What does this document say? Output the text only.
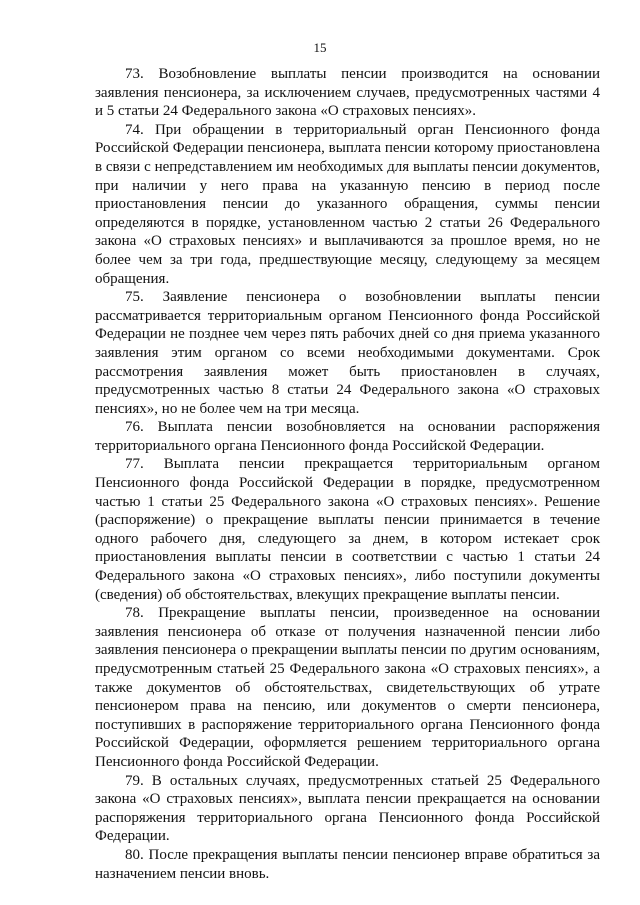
15

73. Возобновление выплаты пенсии производится на основании заявления пенсионера, за исключением случаев, предусмотренных частями 4 и 5 статьи 24 Федерального закона «О страховых пенсиях».

74. При обращении в территориальный орган Пенсионного фонда Российской Федерации пенсионера, выплата пенсии которому приостановлена в связи с непредставлением им необходимых для выплаты пенсии документов, при наличии у него права на указанную пенсию в период после приостановления пенсии до указанного обращения, суммы пенсии определяются в порядке, установленном частью 2 статьи 26 Федерального закона «О страховых пенсиях» и выплачиваются за прошлое время, но не более чем за три года, предшествующие месяцу, следующему за месяцем обращения.

75. Заявление пенсионера о возобновлении выплаты пенсии рассматривается территориальным органом Пенсионного фонда Российской Федерации не позднее чем через пять рабочих дней со дня приема указанного заявления этим органом со всеми необходимыми документами. Срок рассмотрения заявления может быть приостановлен в случаях, предусмотренных частью 8 статьи 24 Федерального закона «О страховых пенсиях», но не более чем на три месяца.

76. Выплата пенсии возобновляется на основании распоряжения территориального органа Пенсионного фонда Российской Федерации.

77. Выплата пенсии прекращается территориальным органом Пенсионного фонда Российской Федерации в порядке, предусмотренном частью 1 статьи 25 Федерального закона «О страховых пенсиях». Решение (распоряжение) о прекращение выплаты пенсии принимается в течение одного рабочего дня, следующего за днем, в котором истекает срок приостановления выплаты пенсии в соответствии с частью 1 статьи 24 Федерального закона «О страховых пенсиях», либо поступили документы (сведения) об обстоятельствах, влекущих прекращение выплаты пенсии.

78. Прекращение выплаты пенсии, произведенное на основании заявления пенсионера об отказе от получения назначенной пенсии либо заявления пенсионера о прекращении выплаты пенсии по другим основаниям, предусмотренным статьей 25 Федерального закона «О страховых пенсиях», а также документов об обстоятельствах, свидетельствующих об утрате пенсионером права на пенсию, или документов о смерти пенсионера, поступивших в распоряжение территориального органа Пенсионного фонда Российской Федерации, оформляется решением территориального органа Пенсионного фонда Российской Федерации.

79. В остальных случаях, предусмотренных статьей 25 Федерального закона «О страховых пенсиях», выплата пенсии прекращается на основании распоряжения территориального органа Пенсионного фонда Российской Федерации.

80. После прекращения выплаты пенсии пенсионер вправе обратиться за назначением пенсии вновь.
